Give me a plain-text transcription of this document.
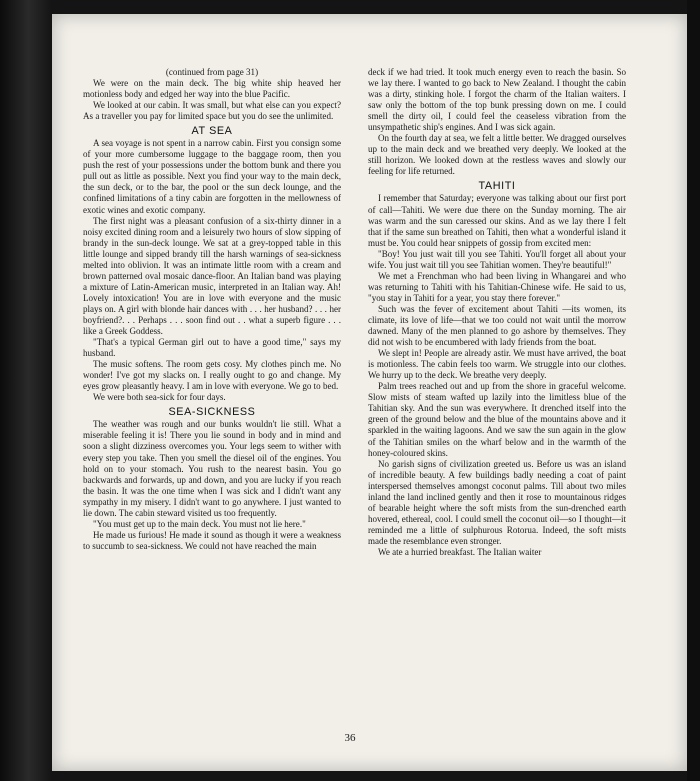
(continued from page 31)

We were on the main deck. The big white ship heaved her motionless body and edged her way into the blue Pacific.

We looked at our cabin. It was small, but what else can you expect? As a traveller you pay for limited space but you do see the unlimited.

AT SEA

A sea voyage is not spent in a narrow cabin. First you consign some of your more cumbersome luggage to the baggage room, then you push the rest of your possessions under the bottom bunk and there you pull out as little as possible. Next you find your way to the main deck, the sun deck, or to the bar, the pool or the sun deck lounge, and the confined limitations of a tiny cabin are forgotten in the mellowness of exotic wines and exotic company.

The first night was a pleasant confusion of a six-thirty dinner in a noisy excited dining room and a leisurely two hours of slow sipping of brandy in the sun-deck lounge. We sat at a grey-topped table in this little lounge and sipped brandy till the harsh warnings of sea-sickness melted into oblivion. It was an intimate little room with a cream and brown patterned oval mosaic dance-floor. An Italian band was playing a mixture of Latin-American music, interpreted in an Italian way. Ah! Lovely intoxication! You are in love with everyone and the music plays on. A girl with blonde hair dances with . . . her husband? . . . her boyfriend?. . . Perhaps . . . soon find out . . what a superb figure . . . like a Greek Goddess.

"That's a typical German girl out to have a good time," says my husband.

The music softens. The room gets cosy. My clothes pinch me. No wonder! I've got my slacks on. I really ought to go and change. My eyes grow pleasantly heavy. I am in love with everyone. We go to bed.

We were both sea-sick for four days.

SEA-SICKNESS

The weather was rough and our bunks wouldn't lie still. What a miserable feeling it is! There you lie sound in body and in mind and soon a slight dizziness overcomes you. Your legs seem to wither with every step you take. Then you smell the diesel oil of the engines. You hold on to your stomach. You rush to the nearest basin. You go backwards and forwards, up and down, and you are lucky if you reach the basin. It was the one time when I was sick and I didn't want any sympathy in my misery. I didn't want to go anywhere. I just wanted to lie down. The cabin steward visited us too frequently.

"You must get up to the main deck. You must not lie here."

He made us furious! He made it sound as though it were a weakness to succumb to sea-sickness. We could not have reached the main

deck if we had tried. It took much energy even to reach the basin. So we lay there. I wanted to go back to New Zealand. I thought the cabin was a dirty, stinking hole. I forgot the charm of the Italian waiters. I saw only the bottom of the top bunk pressing down on me. I could smell the dirty oil, I could feel the ceaseless vibration from the unsympathetic ship's engines. And I was sick again.

On the fourth day at sea, we felt a little better. We dragged ourselves up to the main deck and we breathed very deeply. We looked at the still horizon. We looked down at the restless waves and slowly our feeling for life returned.

TAHITI

I remember that Saturday; everyone was talking about our first port of call—Tahiti. We were due there on the Sunday morning. The air was warm and the sun caressed our skins. And as we lay there I felt that if the same sun breathed on Tahiti, then what a wonderful island it must be. You could hear snippets of gossip from excited men:

"Boy! You just wait till you see Tahiti. You'll forget all about your wife. You just wait till you see Tahitian women. They're beautiful!"

We met a Frenchman who had been living in Whangarei and who was returning to Tahiti with his Tahitian-Chinese wife. He said to us, "you stay in Tahiti for a year, you stay there forever."

Such was the fever of excitement about Tahiti —its women, its climate, its love of life—that we too could not wait until the morrow dawned. Many of the men planned to go ashore by themselves. They did not wish to be encumbered with lady friends from the boat.

We slept in! People are already astir. We must have arrived, the boat is motionless. The cabin feels too warm. We struggle into our clothes. We hurry up to the deck. We breathe very deeply.

Palm trees reached out and up from the shore in graceful welcome. Slow mists of steam wafted up lazily into the limitless blue of the Tahitian sky. And the sun was everywhere. It drenched itself into the green of the ground below and the blue of the mountains above and it sparkled in the waiting lagoons. And we saw the sun again in the glow of the Tahitian smiles on the wharf below and in the warmth of the honey-coloured skins.

No garish signs of civilization greeted us. Before us was an island of incredible beauty. A few buildings badly needing a coat of paint interspersed themselves amongst coconut palms. Till about two miles inland the land inclined gently and then it rose to mountainous ridges of bearable height where the soft mists from the sun-drenched earth hovered, ethereal, cool. I could smell the coconut oil—so I thought—it reminded me a little of sulphurous Rotorua. Indeed, the soft mists made the resemblance even stronger.

We ate a hurried breakfast. The Italian waiter

36
